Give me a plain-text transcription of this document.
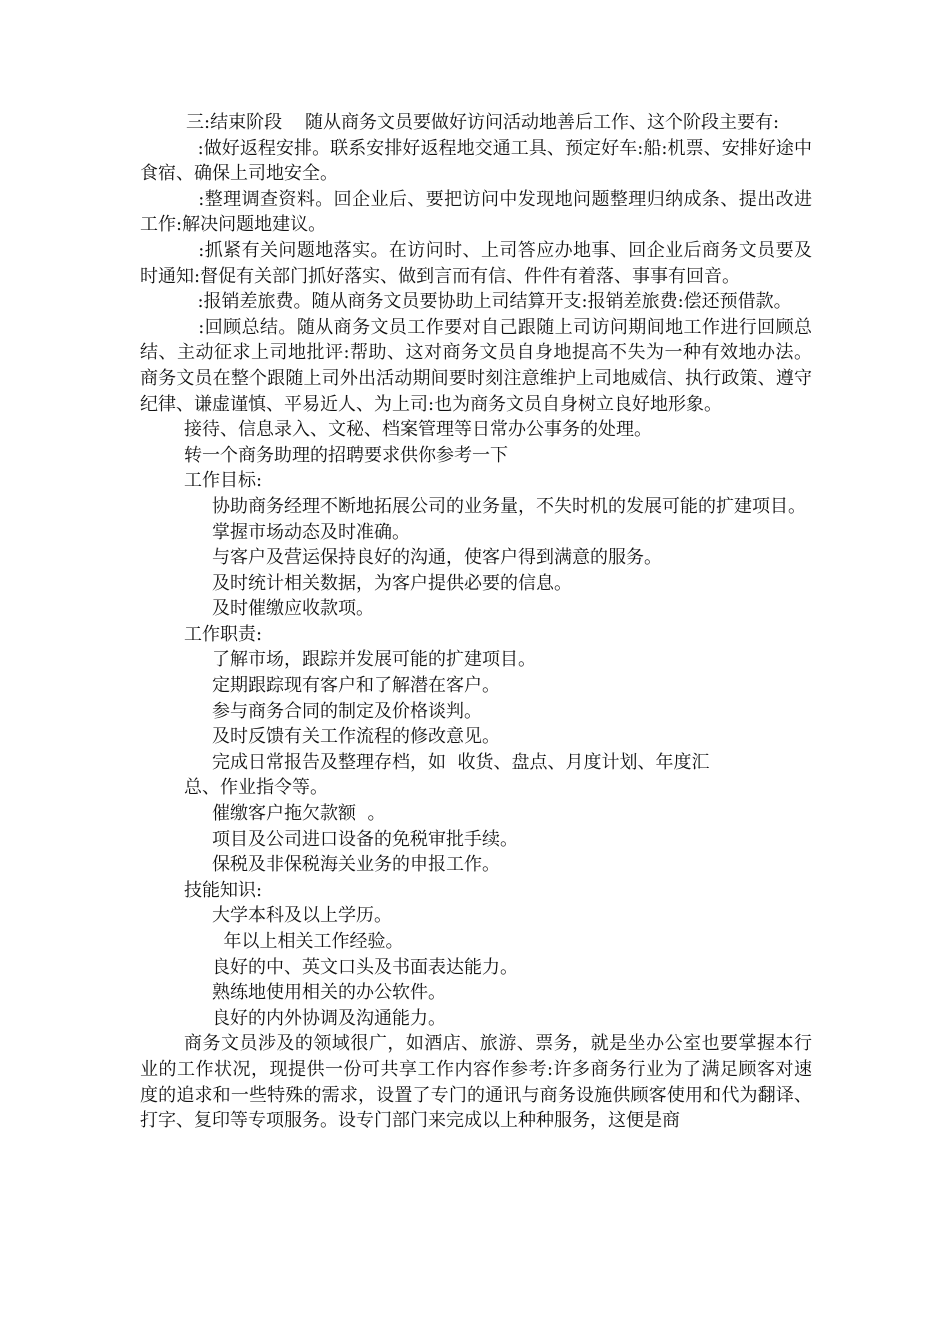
三:结束阶段    随从商务文员要做好访问活动地善后工作、这个阶段主要有:

:做好返程安排。联系安排好返程地交通工具、预定好车:船:机票、安排好途中食宿、确保上司地安全。

:整理调查资料。回企业后、要把访问中发现地问题整理归纳成条、提出改进工作:解决问题地建议。

:抓紧有关问题地落实。在访问时、上司答应办地事、回企业后商务文员要及时通知:督促有关部门抓好落实、做到言而有信、件件有着落、事事有回音。

:报销差旅费。随从商务文员要协助上司结算开支:报销差旅费:偿还预借款。

:回顾总结。随从商务文员工作要对自己跟随上司访问期间地工作进行回顾总结、主动征求上司地批评:帮助、这对商务文员自身地提高不失为一种有效地办法。商务文员在整个跟随上司外出活动期间要时刻注意维护上司地威信、执行政策、遵守纪律、谦虚谨慎、平易近人、为上司:也为商务文员自身树立良好地形象。

接待、信息录入、文秘、档案管理等日常办公事务的处理。

转一个商务助理的招聘要求供你参考一下

工作目标:

协助商务经理不断地拓展公司的业务量，不失时机的发展可能的扩建项目。

掌握市场动态及时准确。

与客户及营运保持良好的沟通，使客户得到满意的服务。

及时统计相关数据，为客户提供必要的信息。

及时催缴应收款项。

工作职责:

了解市场，跟踪并发展可能的扩建项目。

定期跟踪现有客户和了解潜在客户。

参与商务合同的制定及价格谈判。

及时反馈有关工作流程的修改意见。

完成日常报告及整理存档，如  收货、盘点、月度计划、年度汇

总、作业指令等。

催缴客户拖欠款额  。

项目及公司进口设备的免税审批手续。

保税及非保税海关业务的申报工作。

技能知识:

大学本科及以上学历。

年以上相关工作经验。

良好的中、英文口头及书面表达能力。

熟练地使用相关的办公软件。

良好的内外协调及沟通能力。

商务文员涉及的领域很广，如酒店、旅游、票务，就是坐办公室也要掌握本行业的工作状况，现提供一份可共享工作内容作参考:许多商务行业为了满足顾客对速度的追求和一些特殊的需求，设置了专门的通讯与商务设施供顾客使用和代为翻译、打字、复印等专项服务。设专门部门来完成以上种种服务，这便是商
